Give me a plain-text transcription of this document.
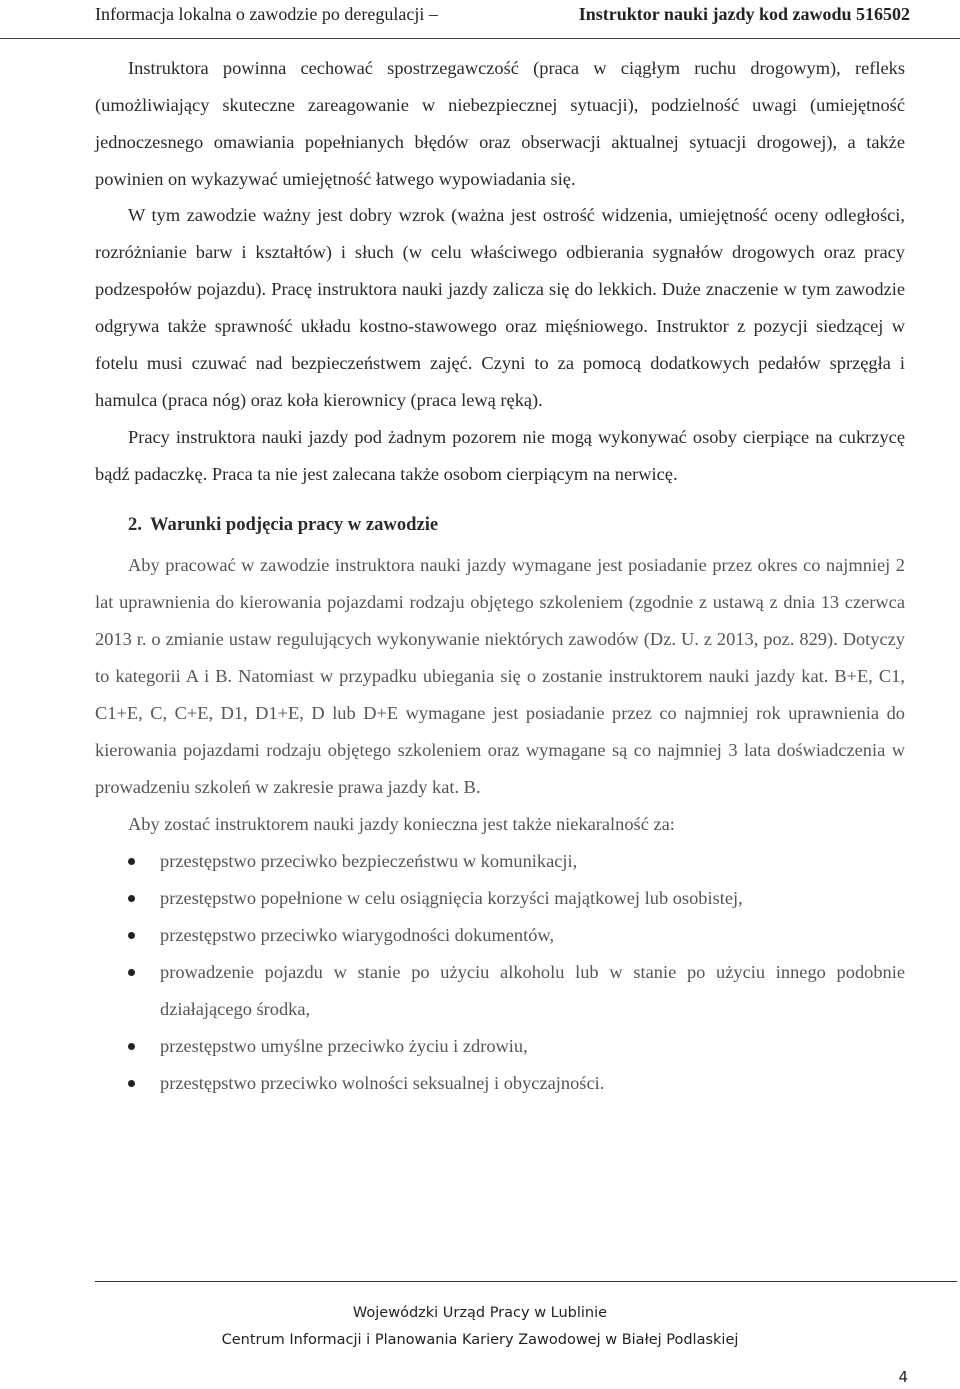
Informacja lokalna o zawodzie po deregulacji –	Instruktor nauki jazdy kod zawodu 516502

Instruktora powinna cechować spostrzegawczość (praca w ciągłym ruchu drogowym), refleks (umożliwiający skuteczne zareagowanie w niebezpiecznej sytuacji), podzielność uwagi (umiejętność jednoczesnego omawiania popełnianych błędów oraz obserwacji aktualnej sytuacji drogowej), a także powinien on wykazywać umiejętność łatwego wypowiadania się.

W tym zawodzie ważny jest dobry wzrok (ważna jest ostrość widzenia, umiejętność oceny odległości, rozróżnianie barw i kształtów) i słuch (w celu właściwego odbierania sygnałów drogowych oraz pracy podzespołów pojazdu). Pracę instruktora nauki jazdy zalicza się do lekkich. Duże znaczenie w tym zawodzie odgrywa także sprawność układu kostno-stawowego oraz mięśniowego. Instruktor z pozycji siedzącej w fotelu musi czuwać nad bezpieczeństwem zajęć. Czyni to za pomocą dodatkowych pedałów sprzęgła i hamulca (praca nóg) oraz koła kierownicy (praca lewą ręką).

Pracy instruktora nauki jazdy pod żadnym pozorem nie mogą wykonywać osoby cierpiące na cukrzycę bądź padaczkę. Praca ta nie jest zalecana także osobom cierpiącym na nerwicę.

2. Warunki podjęcia pracy w zawodzie

Aby pracować w zawodzie instruktora nauki jazdy wymagane jest posiadanie przez okres co najmniej 2 lat uprawnienia do kierowania pojazdami rodzaju objętego szkoleniem (zgodnie z ustawą z dnia 13 czerwca 2013 r. o zmianie ustaw regulujących wykonywanie niektórych zawodów (Dz. U. z 2013, poz. 829). Dotyczy to kategorii A i B. Natomiast w przypadku ubiegania się o zostanie instruktorem nauki jazdy kat. B+E, C1, C1+E, C, C+E, D1, D1+E, D lub D+E wymagane jest posiadanie przez co najmniej rok uprawnienia do kierowania pojazdami rodzaju objętego szkoleniem oraz wymagane są co najmniej 3 lata doświadczenia w prowadzeniu szkoleń w zakresie prawa jazdy kat. B.

Aby zostać instruktorem nauki jazdy konieczna jest także niekaralność za:

przestępstwo przeciwko bezpieczeństwu w komunikacji,
przestępstwo popełnione w celu osiągnięcia korzyści majątkowej lub osobistej,
przestępstwo przeciwko wiarygodności dokumentów,
prowadzenie pojazdu w stanie po użyciu alkoholu lub w stanie po użyciu innego podobnie działającego środka,
przestępstwo umyślne przeciwko życiu i zdrowiu,
przestępstwo przeciwko wolności seksualnej i obyczajności.
Wojewódzki Urząd Pracy w Lublinie
Centrum Informacji i Planowania Kariery Zawodowej w Białej Podlaskiej
4
